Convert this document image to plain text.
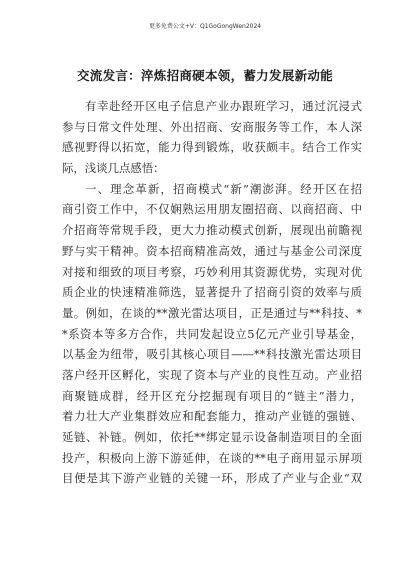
更多免费公文+V：Q1GoGongWen2024
交流发言：淬炼招商硬本领，蓄力发展新动能
有幸赴经开区电子信息产业办跟班学习，通过沉浸式
参与日常文件处理、外出招商、安商服务等工作，本人深
感视野得以拓宽，能力得到锻炼，收获颇丰。结合工作实
际，浅谈几点感悟：
一、理念革新，招商模式“新”潮澎湃。经开区在招
商引资工作中，不仅娴熟运用朋友圈招商、以商招商、中
介招商等常规手段，更大力推动模式创新，展现出前瞻视
野与实干精神。资本招商精准高效，通过与基金公司深度
对接和细致的项目考察，巧妙利用其资源优势，实现对优
质企业的快速精准筛选，显著提升了招商引资的效率与质
量。例如，在谈的**激光雷达项目，正是通过与**科技、*
*系资本等多方合作，共同发起设立5亿元产业引导基金，
以基金为纽带，吸引其核心项目——**科技激光雷达项目
落户经开区孵化，实现了资本与产业的良性互动。产业招
商聚链成群，经开区充分挖掘现有项目的“链主”潜力，
着力壮大产业集群效应和配套能力，推动产业链的强链、
延链、补链。例如，依托**绑定显示设备制造项目的全面
投产，积极向上游下游延伸，在谈的**电子商用显示屏项
目便是其下游产业链的关键一环，形成了产业与企业“双
